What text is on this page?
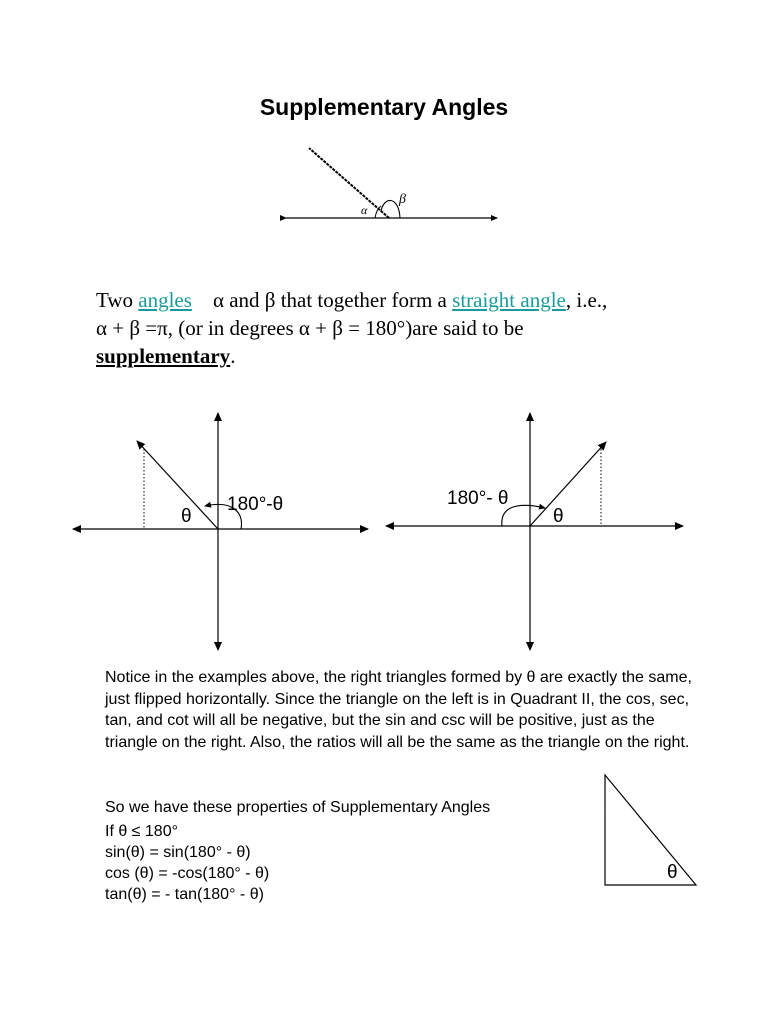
Supplementary Angles
α
β
θ
180°-θ	180°- θ
θ
θ
Two angles    α and β that together form a straight angle, i.e.,
α + β =π, (or in degrees α + β = 180°)are said to be
supplementary.
Notice in the examples above, the right triangles formed by θ are exactly the same, just flipped horizontally. Since the triangle on the left is in Quadrant II, the cos, sec, tan, and cot will all be negative, but the sin and csc will be positive, just as the triangle on the right. Also, the ratios will all be the same as the triangle on the right.
So we have these properties of Supplementary Angles
If θ ≤ 180°
sin(θ) = sin(180° - θ)
cos (θ) = -cos(180° - θ)
tan(θ) = - tan(180° - θ)
